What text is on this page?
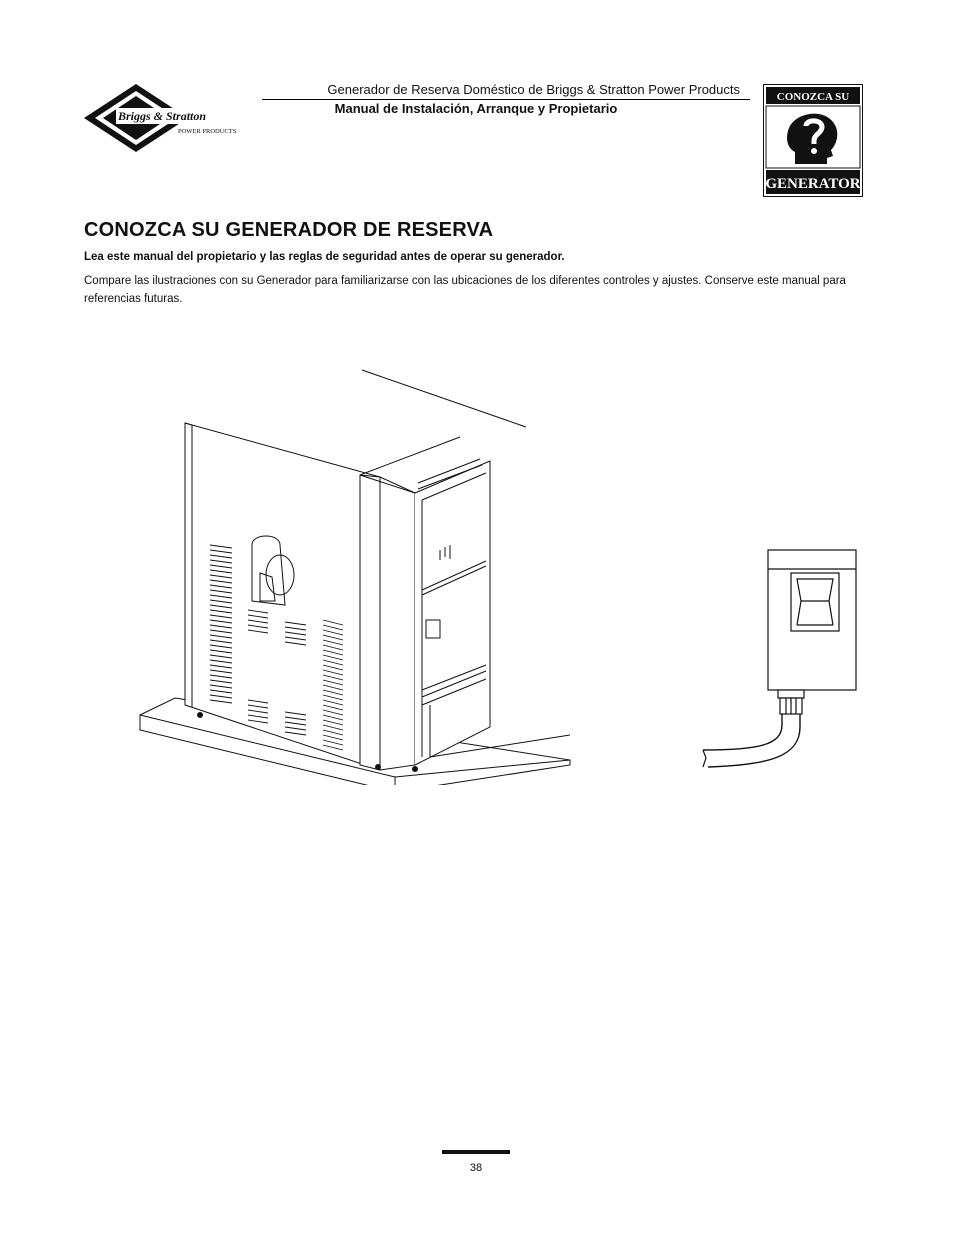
Briggs & Stratton
POWER PRODUCTS
Generador de Reserva Doméstico de Briggs & Stratton Power Products
Manual de Instalación, Arranque y Propietario
CONOZCA SU
GENERATOR
CONOZCA SU GENERADOR DE RESERVA

Lea este manual del propietario y las reglas de seguridad antes de operar su generador.

Compare las ilustraciones con su Generador para familiarizarse con las ubicaciones de los diferentes controles y ajustes. Conserve este manual para referencias futuras.

38
